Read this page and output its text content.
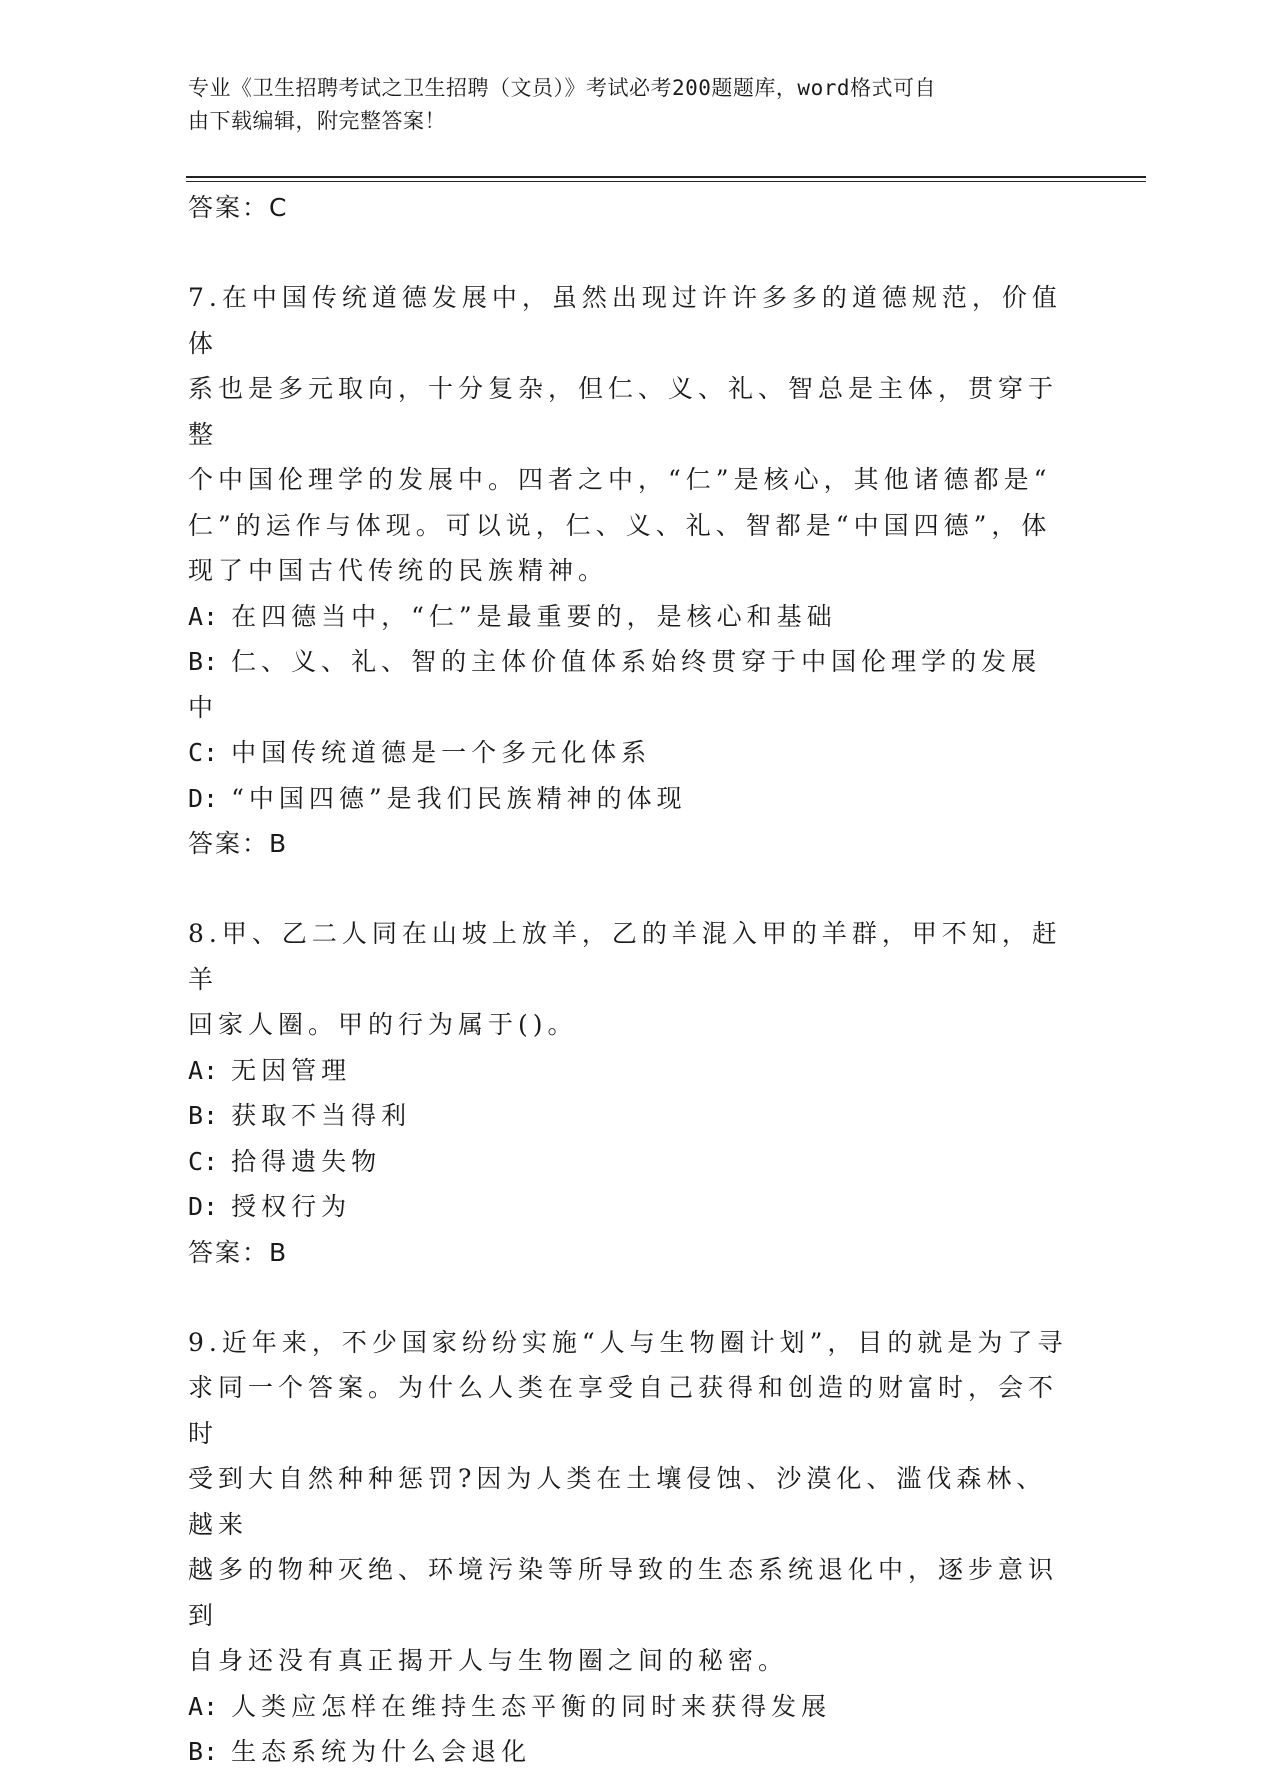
专业《卫生招聘考试之卫生招聘（文员）》考试必考200题题库，word格式可自
由下载编辑，附完整答案！
答案：C
7.在中国传统道德发展中，虽然出现过许许多多的道德规范，价值体
系也是多元取向，十分复杂，但仁、义、礼、智总是主体，贯穿于整
个中国伦理学的发展中。四者之中，“仁”是核心，其他诸德都是“
仁”的运作与体现。可以说，仁、义、礼、智都是“中国四德”，体
现了中国古代传统的民族精神。
A: 在四德当中，“仁”是最重要的，是核心和基础
B: 仁、义、礼、智的主体价值体系始终贯穿于中国伦理学的发展中
C: 中国传统道德是一个多元化体系
D: “中国四德”是我们民族精神的体现
答案：B
8.甲、乙二人同在山坡上放羊，乙的羊混入甲的羊群，甲不知，赶羊
回家人圈。甲的行为属于()。
A: 无因管理
B: 获取不当得利
C: 拾得遗失物
D: 授权行为
答案：B
9.近年来，不少国家纷纷实施“人与生物圈计划”，目的就是为了寻
求同一个答案。为什么人类在享受自己获得和创造的财富时，会不时
受到大自然种种惩罚?因为人类在土壤侵蚀、沙漠化、滥伐森林、越来
越多的物种灭绝、环境污染等所导致的生态系统退化中，逐步意识到
自身还没有真正揭开人与生物圈之间的秘密。
A: 人类应怎样在维持生态平衡的同时来获得发展
B: 生态系统为什么会退化
